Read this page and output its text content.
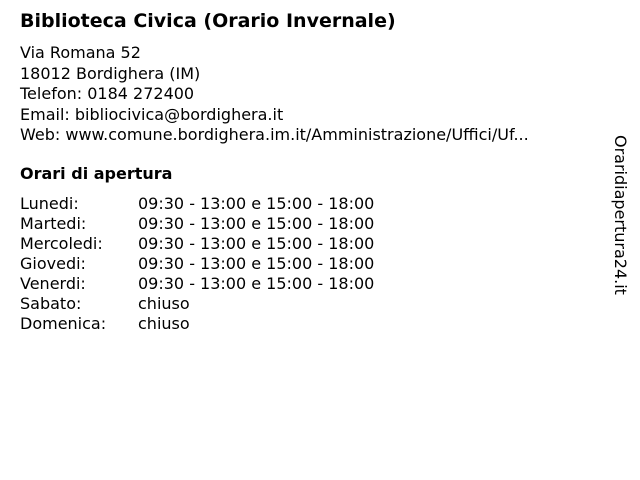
Biblioteca Civica (Orario Invernale)
Via Romana 52
18012 Bordighera (IM)
Telefon: 0184 272400
Email: bibliocivica@bordighera.it
Web: www.comune.bordighera.im.it/Amministrazione/Uffici/Uf...
Orari di apertura
Lunedi:	09:30 - 13:00 e 15:00 - 18:00
Martedi:	09:30 - 13:00 e 15:00 - 18:00
Mercoledi:	09:30 - 13:00 e 15:00 - 18:00
Giovedi:	09:30 - 13:00 e 15:00 - 18:00
Venerdi:	09:30 - 13:00 e 15:00 - 18:00
Sabato:	chiuso
Domenica:	chiuso
Oraridiapertura24.it
